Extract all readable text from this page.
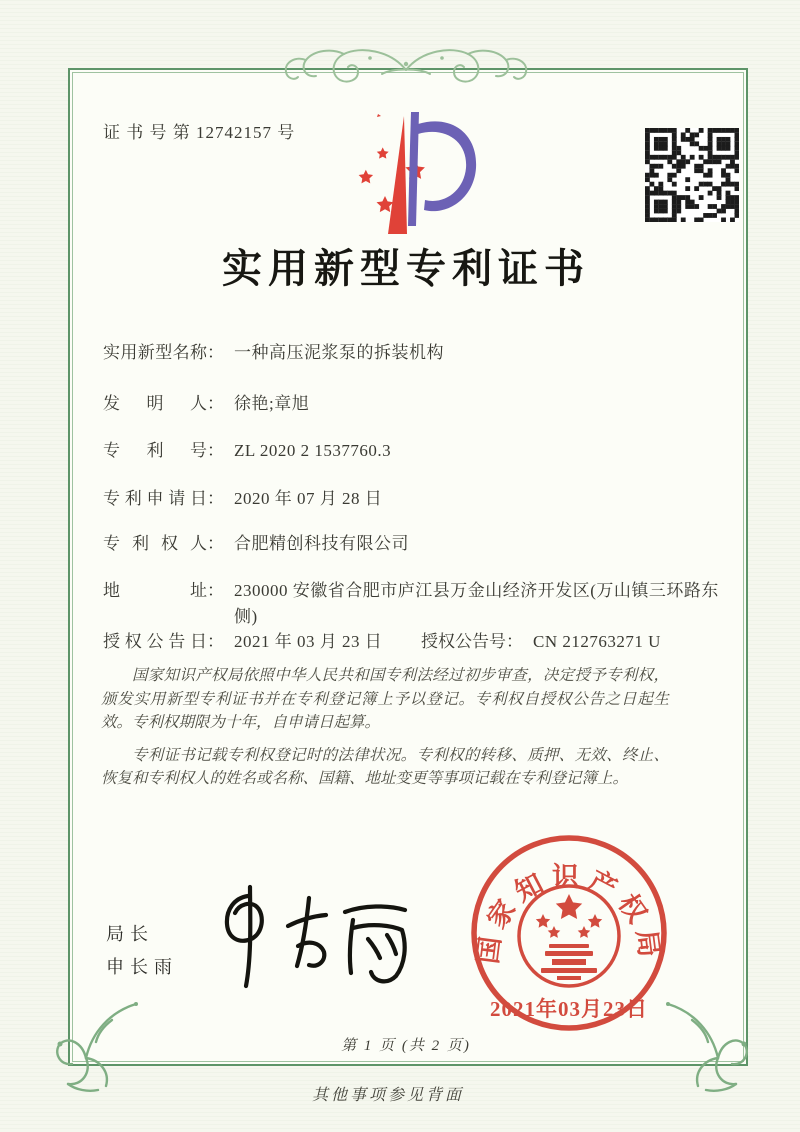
证 书 号 第 12742157 号
实用新型专利证书
实用新型名称： 一种高压泥浆泵的拆装机构
发明人： 徐艳;章旭
专利号： ZL 2020 2 1537760.3
专利申请日： 2020 年 07 月 28 日
专利权人： 合肥精创科技有限公司
地址： 230000 安徽省合肥市庐江县万金山经济开发区(万山镇三环路东侧)
授权公告日： 2021 年 03 月 23 日 授权公告号： CN 212763271 U

国家知识产权局依照中华人民共和国专利法经过初步审查，决定授予专利权，颁发实用新型专利证书并在专利登记簿上予以登记。专利权自授权公告之日起生效。专利权期限为十年，自申请日起算。

专利证书记载专利权登记时的法律状况。专利权的转移、质押、无效、终止、恢复和专利权人的姓名或名称、国籍、地址变更等事项记载在专利登记簿上。

局长
申长雨
国家知识产权局
2021年03月23日
第 1 页 (共 2 页)
其他事项参见背面
